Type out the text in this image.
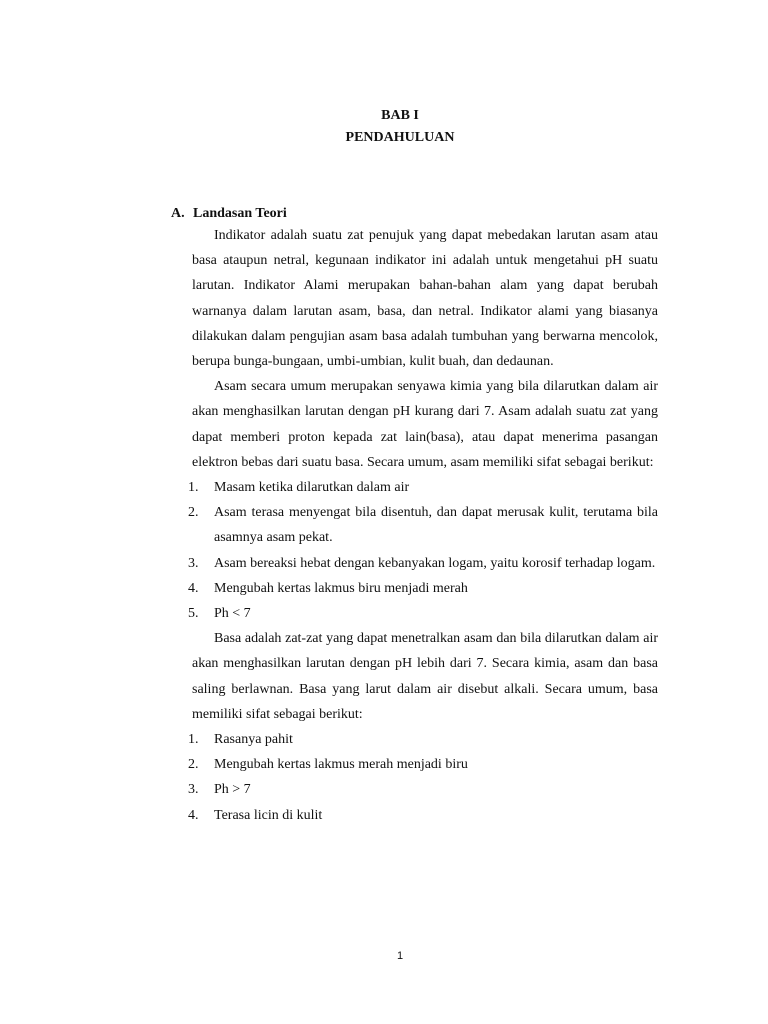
BAB I
PENDAHULUAN
A. Landasan Teori

Indikator adalah suatu zat penujuk yang dapat mebedakan larutan asam atau basa ataupun netral, kegunaan indikator ini adalah untuk mengetahui pH suatu larutan. Indikator Alami merupakan bahan-bahan alam yang dapat berubah warnanya dalam larutan asam, basa, dan netral. Indikator alami yang biasanya dilakukan dalam pengujian asam basa adalah tumbuhan yang berwarna mencolok, berupa bunga-bungaan, umbi-umbian, kulit buah, dan dedaunan.

Asam secara umum merupakan senyawa kimia yang bila dilarutkan dalam air akan menghasilkan larutan dengan pH kurang dari 7. Asam adalah suatu zat yang dapat memberi proton kepada zat lain(basa), atau dapat menerima pasangan elektron bebas dari suatu basa. Secara umum, asam memiliki sifat sebagai berikut:

1.	Masam ketika dilarutkan dalam air
2.	Asam terasa menyengat bila disentuh, dan dapat merusak kulit, terutama bila asamnya asam pekat.
3.	Asam bereaksi hebat dengan kebanyakan logam, yaitu korosif terhadap logam.
4.	Mengubah kertas lakmus biru menjadi merah
5.	Ph < 7

Basa adalah zat-zat yang dapat menetralkan asam dan bila dilarutkan dalam air akan menghasilkan larutan dengan pH lebih dari 7. Secara kimia, asam dan basa saling berlawnan. Basa yang larut dalam air disebut alkali. Secara umum, basa memiliki sifat sebagai berikut:

1.	Rasanya pahit
2.	Mengubah kertas lakmus merah menjadi biru
3.	Ph > 7
4.	Terasa licin di kulit
1
